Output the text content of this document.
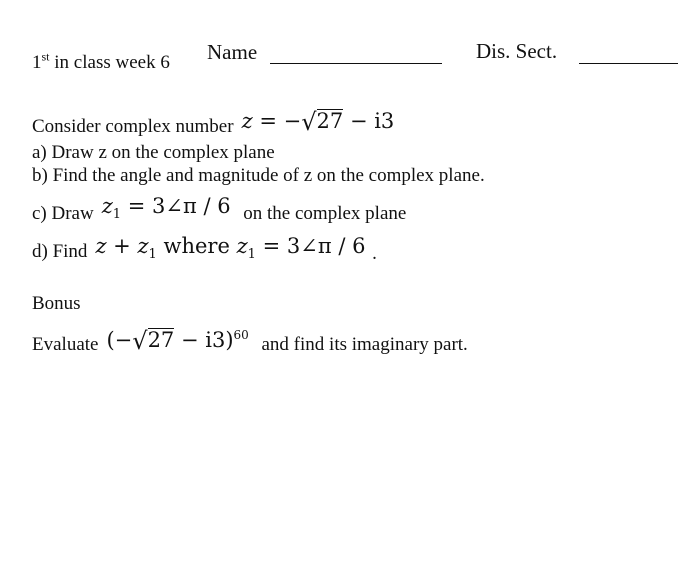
1st in class week 6 Name	Dis. Sect.
Consider complex number z = −√27 − i3
a) Draw z on the complex plane
b) Find the angle and magnitude of z on the complex plane.
c) Draw $z_1$ = 3∠π / 6 on the complex plane
d) Find $z + z_1$ where $z_1$ = 3∠π / 6 .
Bonus
Evaluate $(-√27 - i3)^{60}$ and find its imaginary part.
